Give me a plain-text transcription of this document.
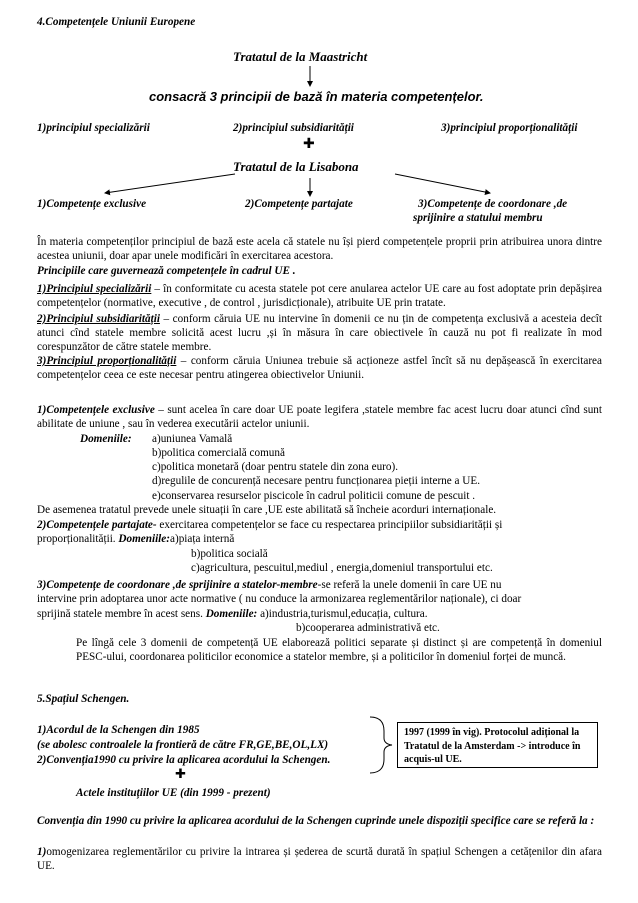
4.Competențele Uniunii Europene
Tratatul de la Maastricht
consacră 3 principii de bază în materia competențelor.
1)principiul specializării	2)principiul subsidiarității	3)principiul proporționalității
✚
Tratatul de la Lisabona
1)Competențe exclusive	2)Competențe partajate	3)Competențe de coordonare ,de
sprijinire a statului membru
În materia competenților principiul de bază este acela că statele nu își pierd competențele proprii prin atribuirea unora dintre acestea uniunii, doar apar unele modificări în exercitarea acestora.
Principiile care guvernează competențele în cadrul UE .
1)Principiul specializării – în conformitate cu acesta statele pot cere anularea actelor UE care au fost adoptate prin depășirea competențelor (normative, executive , de control , jurisdicționale), atribuite UE prin tratate.
2)Principiul subsidiarității – conform căruia UE nu intervine în domenii ce nu țin de competența exclusivă a acesteia decît atunci cînd statele membre solicită acest lucru ,și în măsura în care obiectivele în cauză nu pot fi realizate în mod corespunzător de către statele membre.
3)Principiul proporționalității – conform căruia Uniunea trebuie să acționeze astfel încît să nu depășească în exercitarea competențelor ceea ce este necesar pentru atingerea obiectivelor Uniunii.
1)Competențele exclusive – sunt acelea în care doar UE poate legifera ,statele membre fac acest lucru doar atunci cînd sunt abilitate de uniune , sau în vederea executării actelor uniunii.
Domeniile: a)uniunea Vamală
b)politica comercială comună
c)politica monetară (doar pentru statele din zona euro).
d)regulile de concurență necesare pentru funcționarea pieții interne a UE.
e)conservarea resurselor piscicole în cadrul politicii comune de pescuit .
De asemenea tratatul prevede unele situații în care ,UE este abilitată să încheie acorduri internaționale.
2)Competențele partajate- exercitarea competențelor se face cu respectarea principiilor subsidiarității și
proporționalității. Domeniile:a)piața internă
b)politica socială
c)agricultura, pescuitul,mediul , energia,domeniul transportului etc.
3)Competențe de coordonare ,de sprijinire a statelor-membre-se referă la unele domenii în care UE nu
intervine prin adoptarea unor acte normative ( nu conduce la armonizarea reglementărilor naționale), ci doar
sprijină statele membre în acest sens. Domeniile: a)industria,turismul,educația, cultura.
b)cooperarea administrativă etc.
Pe lîngă cele 3 domenii de competență UE elaborează politici separate și distinct și are competență în domeniul PESC-ului, coordonarea politicilor economice a statelor membre, și a politicilor în domeniul forței de muncă.
5.Spațiul Schengen.
1)Acordul de la Schengen din 1985
(se abolesc controalele la frontieră de către FR,GE,BE,OL,LX)
2)Convenția1990 cu privire la aplicarea acordului la Schengen.
✚
Actele instituțiilor UE (din 1999 - prezent)
1997 (1999 în vig). Protocolul adițional la Tratatul de la Amsterdam -> introduce în acquis-ul UE.
Convenția din 1990 cu privire la aplicarea acordului de la Schengen cuprinde unele dispoziții specifice care se referă la :
1)omogenizarea reglementărilor cu privire la intrarea și șederea de scurtă durată în spațiul Schengen a cetățenilor din afara UE.
